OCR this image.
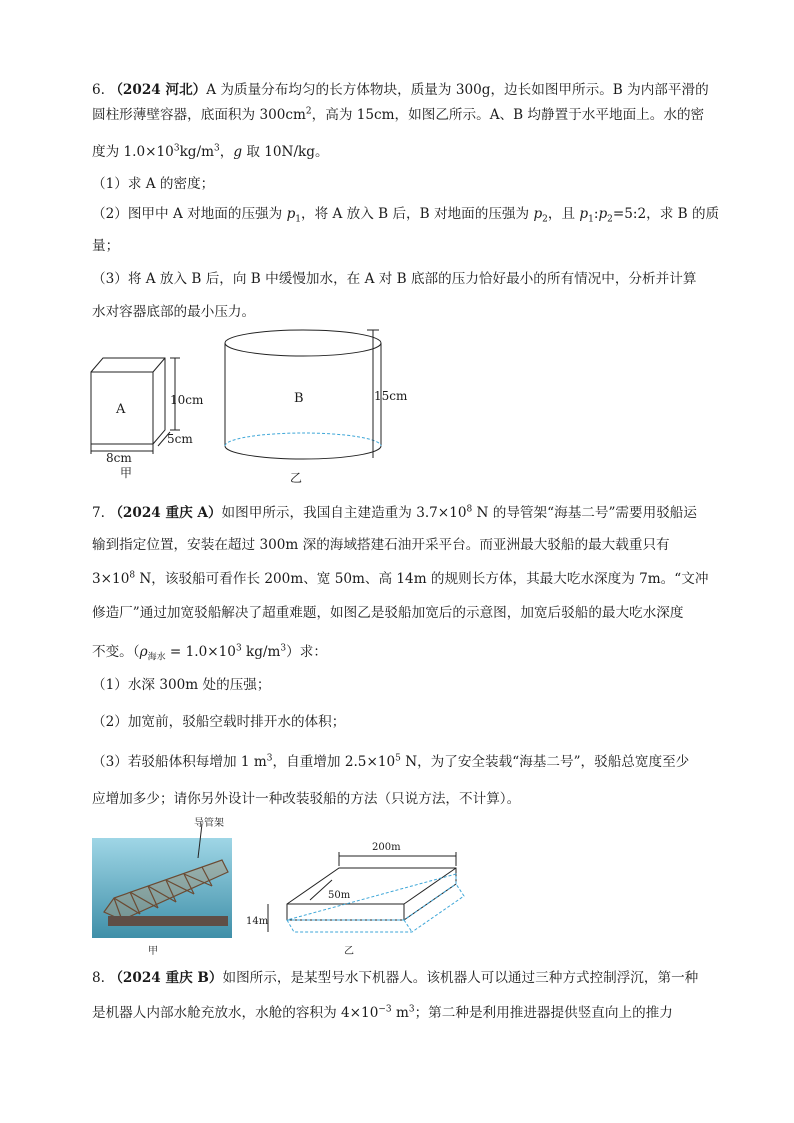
6. （2024 河北）A 为质量分布均匀的长方体物块，质量为 300g，边长如图甲所示。B 为内部平滑的
圆柱形薄壁容器，底面积为 $300cm^2$，高为 15cm，如图乙所示。A、B 均静置于水平地面上。水的密
度为 $1.0\times 10^3kg/m^3$，g 取 10N/kg。
（1）求 A 的密度；
（2）图甲中 A 对地面的压强为 $p_1$，将 A 放入 B 后，B 对地面的压强为 $p_2$，且 $p_1:p_2=5:2$，求 B 的质
量；
（3）将 A 放入 B 后，向 B 中缓慢加水，在 A 对 B 底部的压力恰好最小的所有情况中，分析并计算
水对容器底部的最小压力。
A
10cm
5cm
8cm
甲
B	15cm
乙
7. （2024 重庆 A）如图甲所示，我国自主建造重为 $3.7\times 10^8$ N 的导管架“海基二号”需要用驳船运
输到指定位置，安装在超过 300m 深的海域搭建石油开采平台。而亚洲最大驳船的最大载重只有
$3\times 10^8$ N，该驳船可看作长 200m、宽 50m、高 14m 的规则长方体，其最大吃水深度为 7m。“文冲
修造厂”通过加宽驳船解决了超重难题，如图乙是驳船加宽后的示意图，加宽后驳船的最大吃水深度
不变。（$\rho_{海水} = 1.0\times 10^3$ $kg/m^3$）求：
（1）水深 300m 处的压强；
（2）加宽前，驳船空载时排开水的体积；
（3）若驳船体积每增加 1 $m^3$，自重增加 $2.5\times 10^5$ N，为了安全装载“海基二号”，驳船总宽度至少
应增加多少；请你另外设计一种改装驳船的方法（只说方法，不计算）。
导管架
甲
200m
50m
14m
乙
8. （2024 重庆 B）如图所示，是某型号水下机器人。该机器人可以通过三种方式控制浮沉，第一种
是机器人内部水舱充放水，水舱的容积为 $4\times 10^{-3}$ $m^3$；第二种是利用推进器提供竖直向上的推力
